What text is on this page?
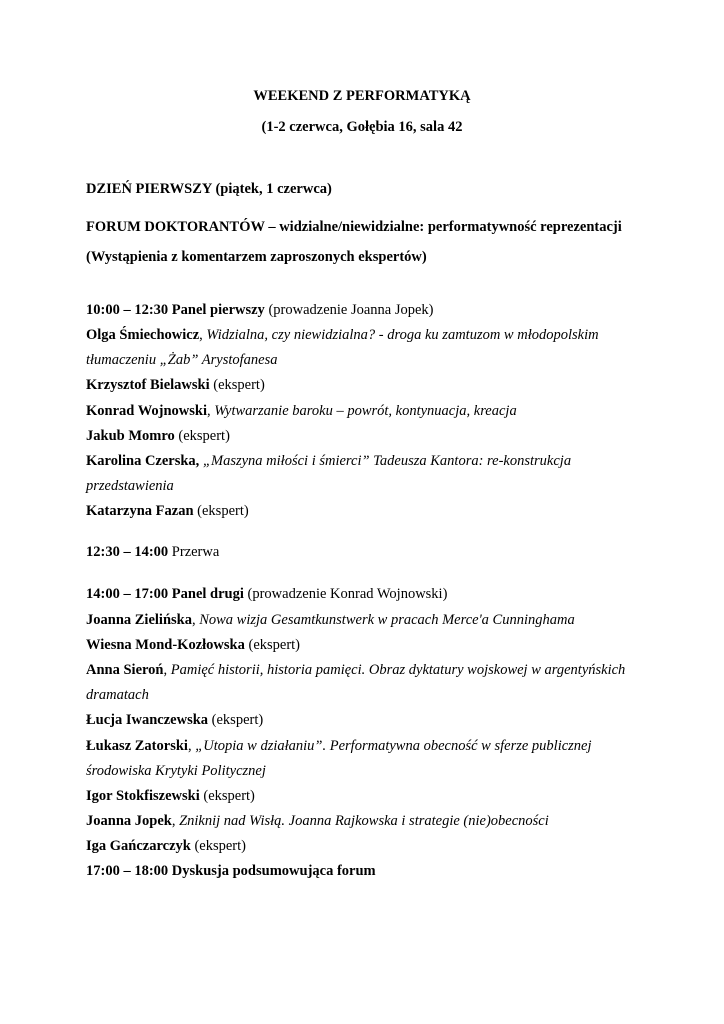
WEEKEND Z PERFORMATYKĄ
(1-2 czerwca, Gołębia 16, sala 42
DZIEŃ PIERWSZY (piątek, 1 czerwca)
FORUM DOKTORANTÓW – widzialne/niewidzialne: performatywność reprezentacji
(Wystąpienia z komentarzem zaproszonych ekspertów)
10:00 – 12:30 Panel pierwszy (prowadzenie Joanna Jopek)
Olga Śmiechowicz, Widzialna, czy niewidzialna? - droga ku zamtuzom w młodopolskim
tłumaczeniu „Żab” Arystofanesa
Krzysztof Bielawski (ekspert)
Konrad Wojnowski, Wytwarzanie baroku – powrót, kontynuacja, kreacja
Jakub Momro (ekspert)
Karolina Czerska, „Maszyna miłości i śmierci” Tadeusza Kantora: re-konstrukcja
przedstawienia
Katarzyna Fazan (ekspert)
12:30 – 14:00 Przerwa
14:00 – 17:00 Panel drugi (prowadzenie Konrad Wojnowski)
Joanna Zielińska, Nowa wizja Gesamtkunstwerk w pracach Merce'a Cunninghama
Wiesna Mond-Kozłowska (ekspert)
Anna Sieroń, Pamięć historii, historia pamięci. Obraz dyktatury wojskowej w argentyńskich
dramatach
Łucja Iwanczewska (ekspert)
Łukasz Zatorski, „Utopia w działaniu”. Performatywna obecność w sferze publicznej
środowiska Krytyki Politycznej
Igor Stokfiszewski (ekspert)
Joanna Jopek, Zniknij nad Wisłą. Joanna Rajkowska i strategie (nie)obecności
Iga Gańczarczyk (ekspert)
17:00 – 18:00 Dyskusja podsumowująca forum
